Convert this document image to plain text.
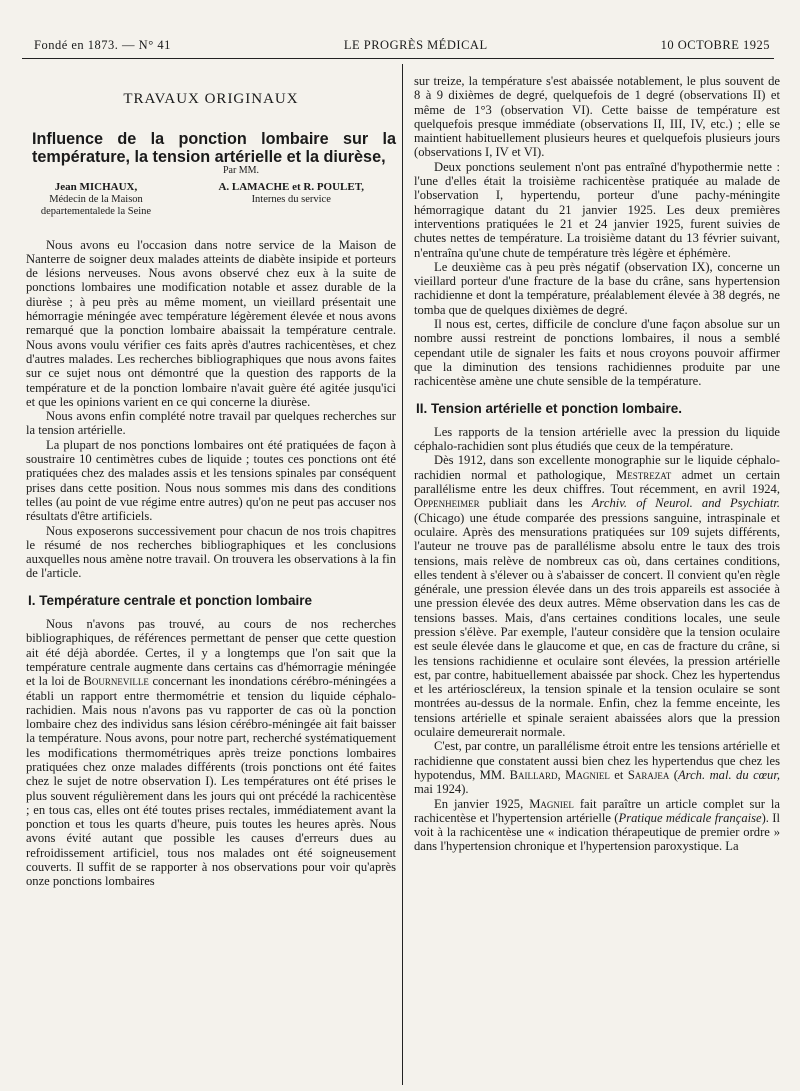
Fondé en 1873. — N° 41	LE PROGRÈS MÉDICAL	10 OCTOBRE 1925
TRAVAUX ORIGINAUX

Influence de la ponction lombaire sur la température, la tension artérielle et la diurèse,

Par MM.
Jean MICHAUX,
Médecin de la Maison departementalede la Seine
A. LAMACHE et R. POULET,
Internes du service

Nous avons eu l'occasion dans notre service de la Maison de Nanterre de soigner deux malades atteints de diabète insipide et porteurs de lésions nerveuses. Nous avons observé chez eux à la suite de ponctions lombaires une modification notable et assez durable de la diurèse ; à peu près au même moment, un vieillard présentait une hémorragie méningée avec température légèrement élevée et nous avons remarqué que la ponction lombaire abaissait la température centrale. Nous avons voulu vérifier ces faits après d'autres rachicentèses, et chez d'autres malades. Les recherches bibliographiques que nous avons faites sur ce sujet nous ont démontré que la question des rapports de la température et de la ponction lombaire n'avait guère été agitée jusqu'ici et que les opinions varient en ce qui concerne la diurèse.

Nous avons enfin complété notre travail par quelques recherches sur la tension artérielle.

La plupart de nos ponctions lombaires ont été pratiquées de façon à soustraire 10 centimètres cubes de liquide ; toutes ces ponctions ont été pratiquées chez des malades assis et les tensions spinales par conséquent prises dans cette position. Nous nous sommes mis dans des conditions telles (au point de vue régime entre autres) qu'on ne peut pas accuser nos résultats d'être artificiels.

Nous exposerons successivement pour chacun de nos trois chapitres le résumé de nos recherches bibliographiques et les conclusions auxquelles nous amène notre travail. On trouvera les observations à la fin de l'article.

I. Température centrale et ponction lombaire

Nous n'avons pas trouvé, au cours de nos recherches bibliographiques, de références permettant de penser que cette question ait été déjà abordée. Certes, il y a longtemps que l'on sait que la température centrale augmente dans certains cas d'hémorragie méningée et la loi de Bourneville concernant les inondations cérébro-méningées a établi un rapport entre thermométrie et tension du liquide céphalo-rachidien. Mais nous n'avons pas vu rapporter de cas où la ponction lombaire chez des individus sans lésion cérébro-méningée ait fait baisser la température. Nous avons, pour notre part, recherché systématiquement les modifications thermométriques après treize ponctions lombaires pratiquées chez onze malades différents (trois ponctions ont été faites chez le sujet de notre observation I). Les températures ont été prises le plus souvent régulièrement dans les jours qui ont précédé la rachicentèse ; en tous cas, elles ont été toutes prises rectales, immédiatement avant la ponction et tous les quarts d'heure, puis toutes les heures après. Nous avons évité autant que possible les causes d'erreurs dues au refroidissement artificiel, tous nos malades ont été soigneusement couverts. Il suffit de se rapporter à nos observations pour voir qu'après onze ponctions lombaires

sur treize, la température s'est abaissée notablement, le plus souvent de 8 à 9 dixièmes de degré, quelquefois de 1 degré (observations II) et même de 1°3 (observation VI). Cette baisse de température est quelquefois presque immédiate (observations II, III, IV, etc.) ; elle se maintient habituellement plusieurs heures et quelquefois plusieurs jours (observations I, IV et VI).

Deux ponctions seulement n'ont pas entraîné d'hypothermie nette : l'une d'elles était la troisième rachicentèse pratiquée au malade de l'observation I, hypertendu, porteur d'une pachy-méningite hémorragique datant du 21 janvier 1925. Les deux premières interventions pratiquées le 21 et 24 janvier 1925, furent suivies de chutes nettes de température. La troisième datant du 13 février suivant, n'entraîna qu'une chute de température très légère et éphémère.

Le deuxième cas à peu près négatif (observation IX), concerne un vieillard porteur d'une fracture de la base du crâne, sans hypertension rachidienne et dont la température, préalablement élevée à 38 degrés, ne tomba que de quelques dixièmes de degré.

Il nous est, certes, difficile de conclure d'une façon absolue sur un nombre aussi restreint de ponctions lombaires, il nous a semblé cependant utile de signaler les faits et nous croyons pouvoir affirmer que la diminution des tensions rachidiennes produite par une rachicentèse amène une chute sensible de la température.

II. Tension artérielle et ponction lombaire.

Les rapports de la tension artérielle avec la pression du liquide céphalo-rachidien sont plus étudiés que ceux de la température.

Dès 1912, dans son excellente monographie sur le liquide céphalo-rachidien normal et pathologique, Mestrezat admet un certain parallélisme entre les deux chiffres. Tout récemment, en avril 1924, Oppenheimer publiait dans les Archiv. of Neurol. and Psychiatr. (Chicago) une étude comparée des pressions sanguine, intraspinale et oculaire. Après des mensurations pratiquées sur 109 sujets différents, l'auteur ne trouve pas de parallélisme absolu entre le taux des trois tensions, mais relève de nombreux cas où, dans certaines conditions, elles tendent à s'élever ou à s'abaisser de concert. Il convient qu'en règle générale, une pression élevée dans un des trois appareils est associée à une pression élevée des deux autres. Même observation dans les cas de tensions basses. Mais, d'ans certaines conditions locales, une seule pression s'élève. Par exemple, l'auteur considère que la tension oculaire est seule élevée dans le glaucome et que, en cas de fracture du crâne, si les tensions rachidienne et oculaire sont élevées, la pression artérielle est, par contre, habituellement abaissée par shock. Chez les hypertendus et les artérioscléreux, la tension spinale et la tension oculaire se sont montrées au-dessus de la normale. Enfin, chez la femme enceinte, les tensions artérielle et spinale seraient abaissées alors que la pression oculaire demeurerait normale.

C'est, par contre, un parallélisme étroit entre les tensions artérielle et rachidienne que constatent aussi bien chez les hypertendus que chez les hypotendus, MM. Baillard, Magniel et Sarajea (Arch. mal. du cœur, mai 1924).

En janvier 1925, Magniel fait paraître un article complet sur la rachicentèse et l'hypertension artérielle (Pratique médicale française). Il voit à la rachicentèse une « indication thérapeutique de premier ordre » dans l'hypertension chronique et l'hypertension paroxystique. La
